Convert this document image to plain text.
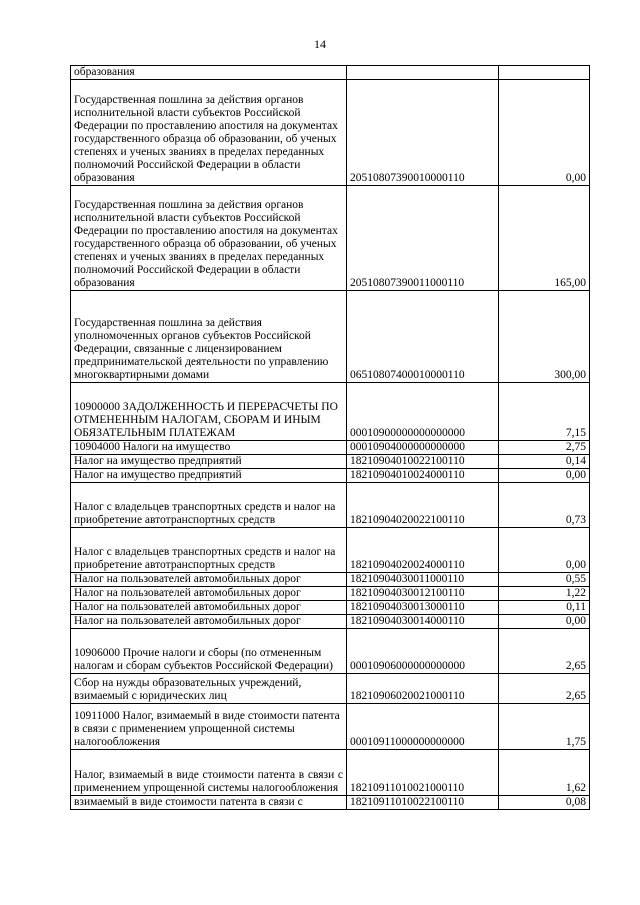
14
образования		
Государственная пошлина за действия органов исполнительной власти субъектов Российской Федерации по проставлению апостиля на документах государственного образца об образовании, об ученых степенях и ученых званиях в пределах переданных полномочий Российской Федерации в области образования	20510807390010000110	0,00
Государственная пошлина за действия органов исполнительной власти субъектов Российской Федерации по проставлению апостиля на документах государственного образца об образовании, об ученых степенях и ученых званиях в пределах переданных полномочий Российской Федерации в области образования	20510807390011000110	165,00
Государственная пошлина за действия уполномоченных органов субъектов Российской Федерации, связанные с лицензированием предпринимательской деятельности по управлению многоквартирными домами	06510807400010000110	300,00
10900000 ЗАДОЛЖЕННОСТЬ И ПЕРЕРАСЧЕТЫ ПО ОТМЕНЕННЫМ НАЛОГАМ, СБОРАМ И ИНЫМ ОБЯЗАТЕЛЬНЫМ ПЛАТЕЖАМ	00010900000000000000	7,15
10904000 Налоги на имущество	00010904000000000000	2,75
Налог на имущество предприятий	18210904010022100110	0,14
Налог на имущество предприятий	18210904010024000110	0,00
Налог с владельцев транспортных средств и налог на приобретение автотранспортных средств	18210904020022100110	0,73
Налог с владельцев транспортных средств и налог на приобретение автотранспортных средств	18210904020024000110	0,00
Налог на пользователей автомобильных дорог	18210904030011000110	0,55
Налог на пользователей автомобильных дорог	18210904030012100110	1,22
Налог на пользователей автомобильных дорог	18210904030013000110	0,11
Налог на пользователей автомобильных дорог	18210904030014000110	0,00
10906000 Прочие налоги и сборы (по отмененным налогам и сборам субъектов Российской Федерации)	00010906000000000000	2,65
Сбор на нужды образовательных учреждений, взимаемый с юридических лиц	18210906020021000110	2,65
10911000 Налог, взимаемый в виде стоимости патента в связи с применением упрощенной системы налогообложения	00010911000000000000	1,75
Налог, взимаемый в виде стоимости патента в связи с применением упрощенной системы налогообложения	18210911010021000110	1,62
взимаемый в виде стоимости патента в связи с	18210911010022100110	0,08
